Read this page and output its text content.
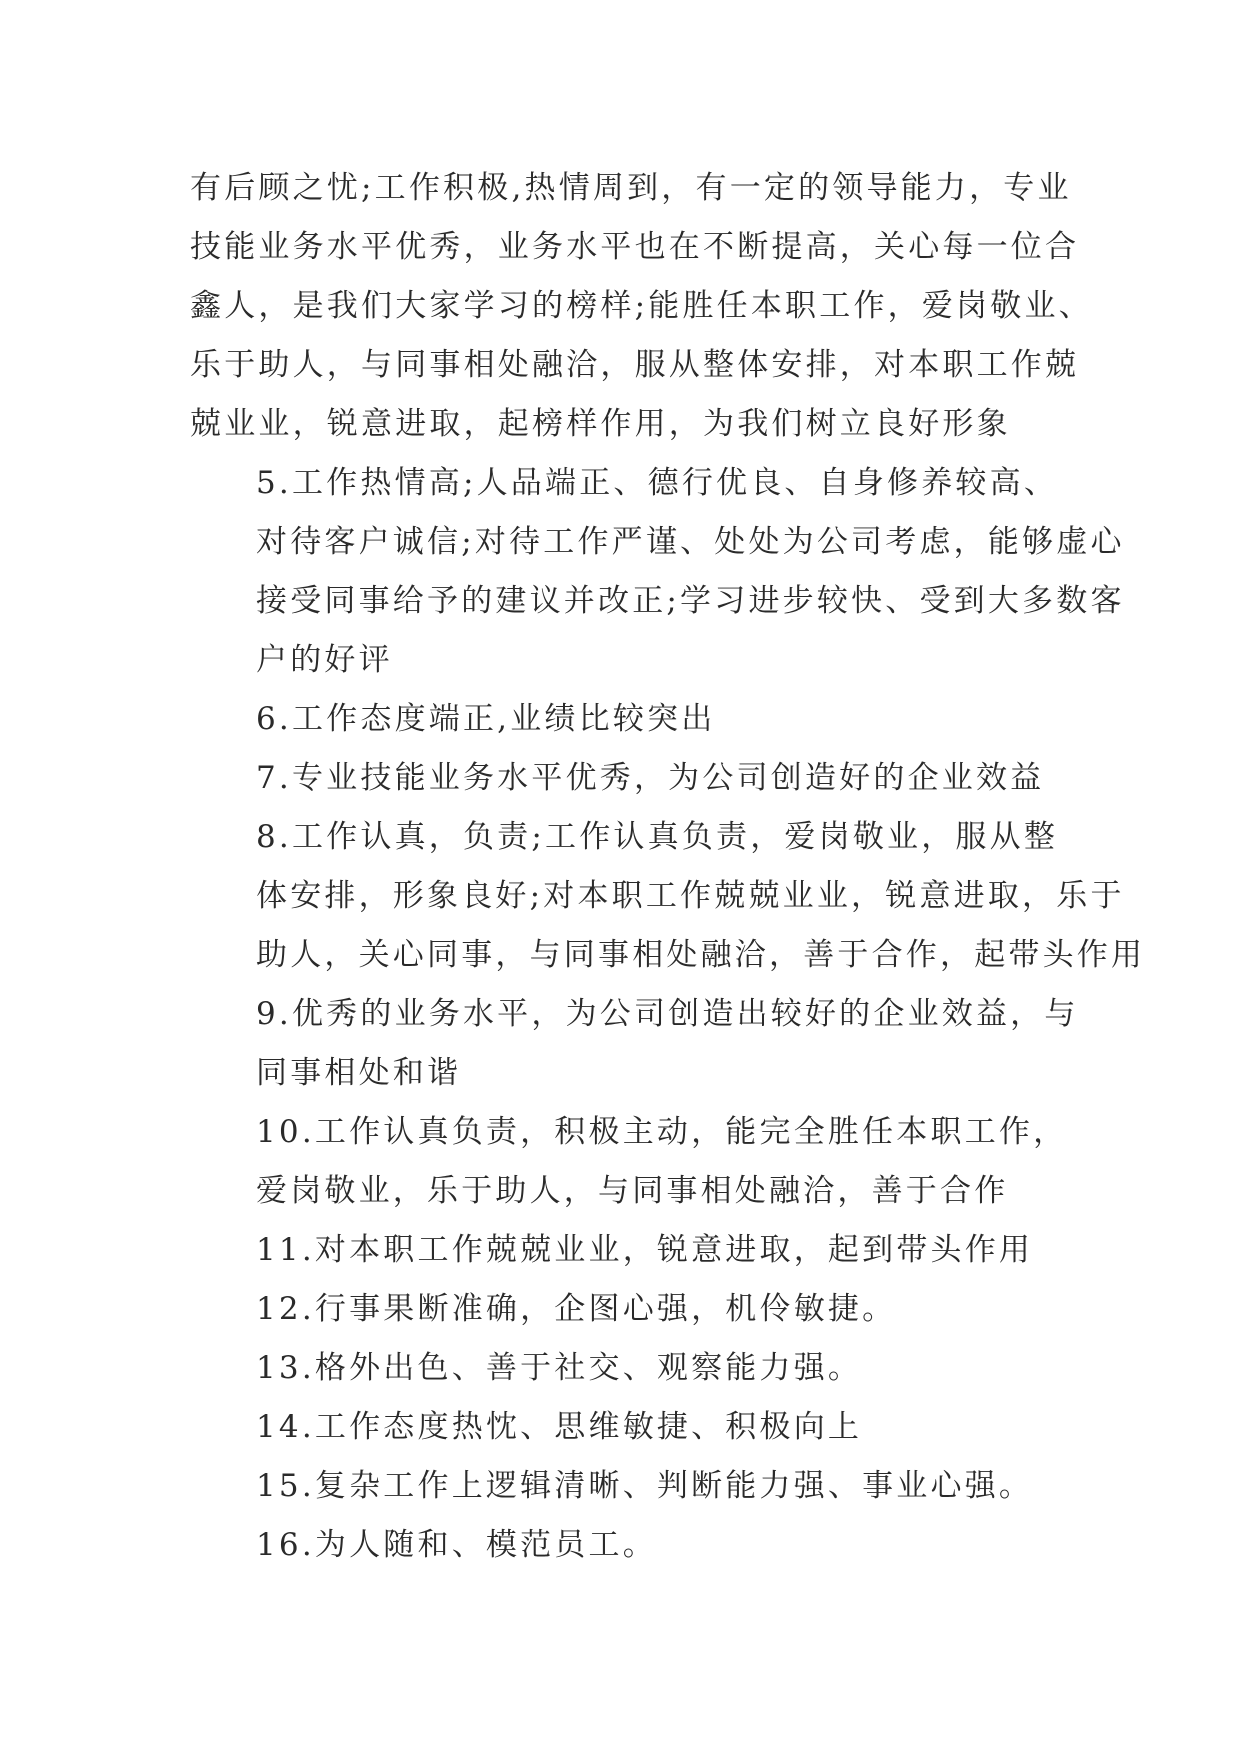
有后顾之忧;工作积极,热情周到，有一定的领导能力，专业
技能业务水平优秀，业务水平也在不断提高，关心每一位合
鑫人，是我们大家学习的榜样;能胜任本职工作，爱岗敬业、
乐于助人，与同事相处融洽，服从整体安排，对本职工作兢
兢业业，锐意进取，起榜样作用，为我们树立良好形象

5.工作热情高;人品端正、德行优良、自身修养较高、
对待客户诚信;对待工作严谨、处处为公司考虑，能够虚心
接受同事给予的建议并改正;学习进步较快、受到大多数客
户的好评

6.工作态度端正,业绩比较突出

7.专业技能业务水平优秀，为公司创造好的企业效益

8.工作认真，负责;工作认真负责，爱岗敬业，服从整
体安排，形象良好;对本职工作兢兢业业，锐意进取，乐于
助人，关心同事，与同事相处融洽，善于合作，起带头作用

9.优秀的业务水平，为公司创造出较好的企业效益，与
同事相处和谐

10.工作认真负责，积极主动，能完全胜任本职工作，
爱岗敬业，乐于助人，与同事相处融洽，善于合作

11.对本职工作兢兢业业，锐意进取，起到带头作用

12.行事果断准确，企图心强，机伶敏捷。

13.格外出色、善于社交、观察能力强。

14.工作态度热忱、思维敏捷、积极向上

15.复杂工作上逻辑清晰、判断能力强、事业心强。

16.为人随和、模范员工。
